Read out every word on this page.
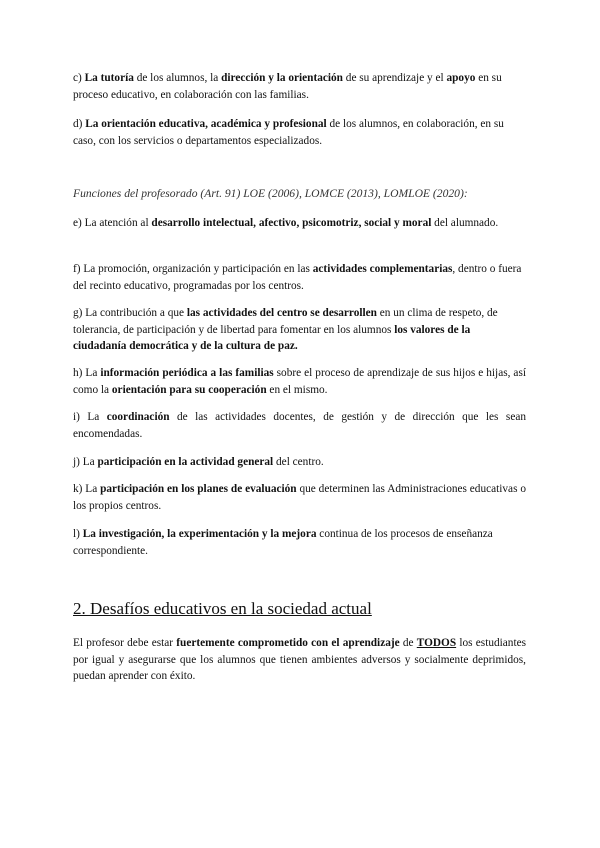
c) La tutoría de los alumnos, la dirección y la orientación de su aprendizaje y el apoyo en su proceso educativo, en colaboración con las familias.

d) La orientación educativa, académica y profesional de los alumnos, en colaboración, en su caso, con los servicios o departamentos especializados.

Funciones del profesorado (Art. 91) LOE (2006), LOMCE (2013), LOMLOE (2020):

e) La atención al desarrollo intelectual, afectivo, psicomotriz, social y moral del alumnado.

f) La promoción, organización y participación en las actividades complementarias, dentro o fuera del recinto educativo, programadas por los centros.

g) La contribución a que las actividades del centro se desarrollen en un clima de respeto, de tolerancia, de participación y de libertad para fomentar en los alumnos los valores de la ciudadanía democrática y de la cultura de paz.

h) La información periódica a las familias sobre el proceso de aprendizaje de sus hijos e hijas, así como la orientación para su cooperación en el mismo.

i) La coordinación de las actividades docentes, de gestión y de dirección que les sean encomendadas.

j) La participación en la actividad general del centro.

k) La participación en los planes de evaluación que determinen las Administraciones educativas o los propios centros.

l) La investigación, la experimentación y la mejora continua de los procesos de enseñanza correspondiente.

2. Desafíos educativos en la sociedad actual

El profesor debe estar fuertemente comprometido con el aprendizaje de TODOS los estudiantes por igual y asegurarse que los alumnos que tienen ambientes adversos y socialmente deprimidos, puedan aprender con éxito.
